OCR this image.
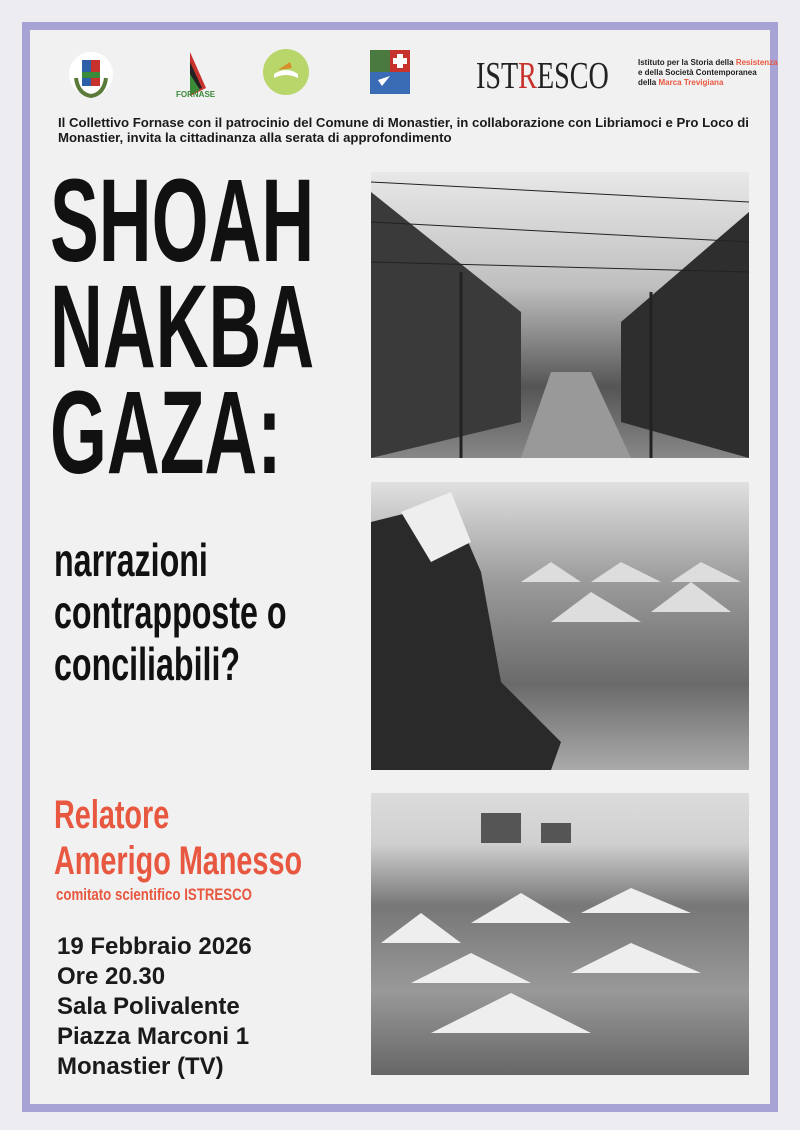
FORNASE	ISTRESCO	Istituto per la Storia della Resistenza
e della Società Contemporanea
della Marca Trevigiana
Il Collettivo Fornase con il patrocinio del Comune di Monastier, in collaborazione con Libriamoci e Pro Loco di Monastier, invita la cittadinanza alla serata di approfondimento
SHOAH
NAKBA
GAZA:
narrazioni
contrapposte o
conciliabili?
Relatore
Amerigo Manesso
comitato scientifico ISTRESCO
19 Febbraio 2026
Ore 20.30
Sala Polivalente
Piazza Marconi 1
Monastier (TV)
